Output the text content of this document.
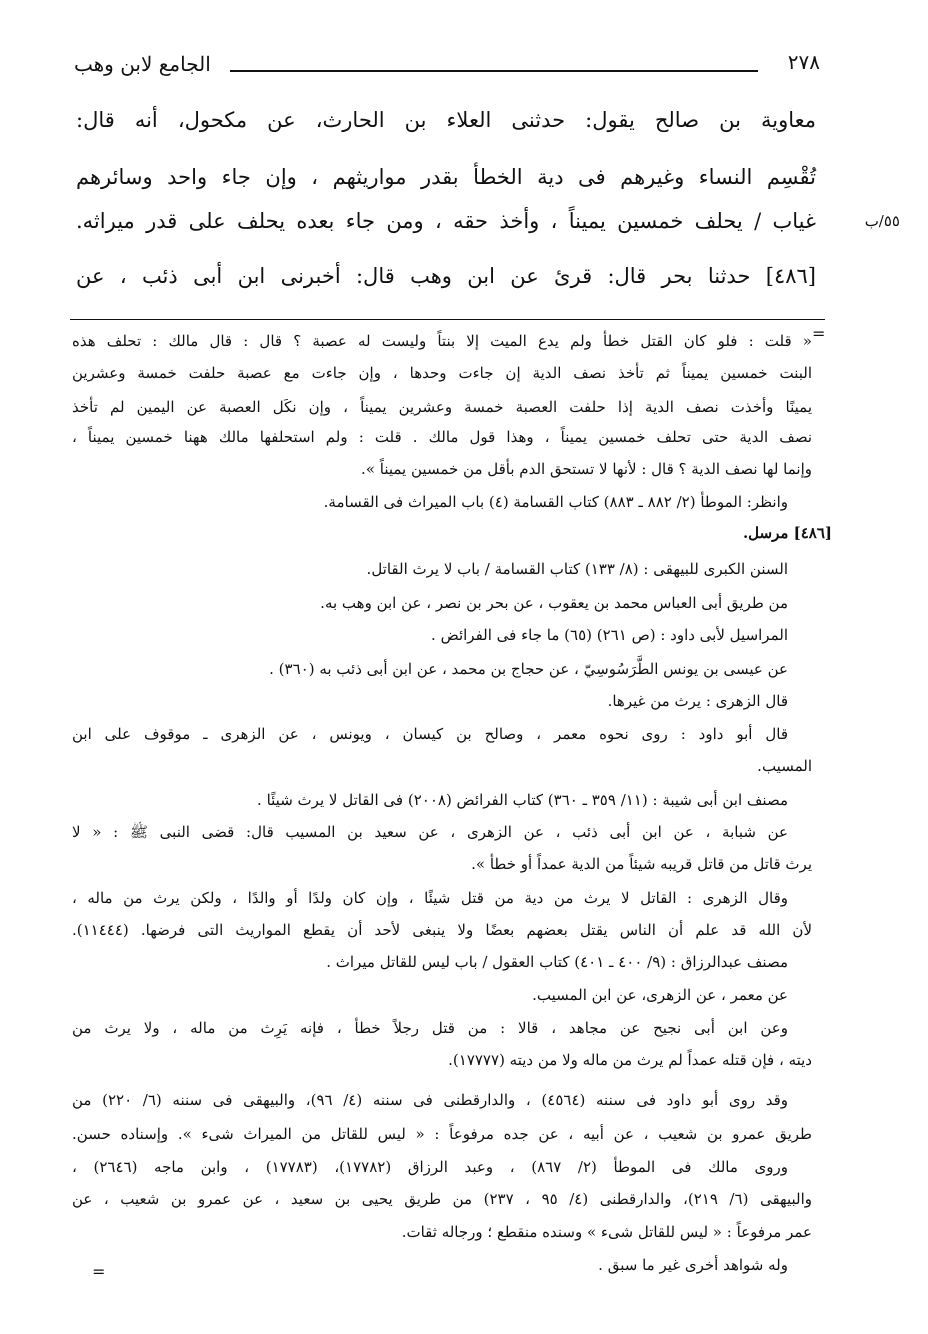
٢٧٨
الجامع لابن وهب
معاوية بن صالح يقول: حدثنى العلاء بن الحارث، عن مكحول، أنه قال:
تُقْسِم النساء وغيرهم فى دية الخطأ بقدر مواريثهم ، وإن جاء واحد وسائرهم
غياب / يحلف خمسين يميناً ، وأخذ حقه ، ومن جاء بعده يحلف على قدر ميراثه.	٥٥/ب
[٤٨٦] حدثنا بحر قال: قرئ عن ابن وهب قال: أخبرنى ابن أبى ذئب ، عن
=
« قلت : فلو كان القتل خطأ ولم يدع الميت إلا بنتاً وليست له عصبة ؟ قال : قال مالك : تحلف هذه
البنت خمسين يميناً ثم تأخذ نصف الدية إن جاءت وحدها ، وإن جاءت مع عصبة حلفت خمسة وعشرين
يمينًا وأخذت نصف الدية إذا حلفت العصبة خمسة وعشرين يميناً ، وإن نكَل العصبة عن اليمين لم تأخذ
نصف الدية حتى تحلف خمسين يميناً ، وهذا قول مالك . قلت : ولم استحلفها مالك ههنا خمسين يميناً ،
وإنما لها نصف الدية ؟ قال : لأنها لا تستحق الدم بأقل من خمسين يميناً ».
وانظر: الموطأ (٢/ ٨٨٢ ـ ٨٨٣) كتاب القسامة (٤) باب الميراث فى القسامة.
[٤٨٦] مرسل.
السنن الكبرى للبيهقى : (٨/ ١٣٣) كتاب القسامة / باب لا يرث القاتل.
من طريق أبى العباس محمد بن يعقوب ، عن بحر بن نصر ، عن ابن وهب به.
المراسيل لأبى داود : (ص ٢٦١) (٦٥) ما جاء فى الفرائض .
عن عيسى بن يونس الطَّرَسُوسِيّ ، عن حجاج بن محمد ، عن ابن أبى ذئب به (٣٦٠) .
قال الزهرى : يرث من غيرها.
قال أبو داود : روى نحوه معمر ، وصالح بن كيسان ، ويونس ، عن الزهرى ـ موقوف على ابن
المسيب.
مصنف ابن أبى شيبة : (١١/ ٣٥٩ ـ ٣٦٠) كتاب الفرائض (٢٠٠٨) فى القاتل لا يرث شيئًا .
عن شبابة ، عن ابن أبى ذئب ، عن الزهرى ، عن سعيد بن المسيب قال: قضى النبى ﷺ : « لا
يرث قاتل من قاتل قريبه شيئاً من الدية عمداً أو خطأ ».
وقال الزهرى : القاتل لا يرث من دية من قتل شيئًا ، وإن كان ولدًا أو والدًا ، ولكن يرث من ماله ،
لأن الله قد علم أن الناس يقتل بعضهم بعضًا ولا ينبغى لأحد أن يقطع المواريث التى فرضها. (١١٤٤٤).
مصنف عبدالرزاق : (٩/ ٤٠٠ ـ ٤٠١) كتاب العقول / باب ليس للقاتل ميراث .
عن معمر ، عن الزهرى، عن ابن المسيب.
وعن ابن أبى نجيح عن مجاهد ، قالا : من قتل رجلاً خطأ ، فإنه يَرِث من ماله ، ولا يرث من
ديته ، فإن قتله عمداً لم يرث من ماله ولا من ديته (١٧٧٧٧).
وقد روى أبو داود فى سننه (٤٥٦٤) ، والدارقطنى فى سننه (٤/ ٩٦)، والبيهقى فى سننه (٦/ ٢٢٠) من
طريق عمرو بن شعيب ، عن أبيه ، عن جده مرفوعاً : « ليس للقاتل من الميراث شىء ». وإسناده حسن.
وروى مالك فى الموطأ (٢/ ٨٦٧) ، وعبد الرزاق (١٧٧٨٢)، (١٧٧٨٣) ، وابن ماجه (٢٦٤٦) ،
والبيهقى (٦/ ٢١٩)، والدارقطنى (٤/ ٩٥ ، ٢٣٧) من طريق يحيى بن سعيد ، عن عمرو بن شعيب ، عن
عمر مرفوعاً : « ليس للقاتل شىء » وسنده منقطع ؛ ورجاله ثقات.
وله شواهد أخرى غير ما سبق .
=
